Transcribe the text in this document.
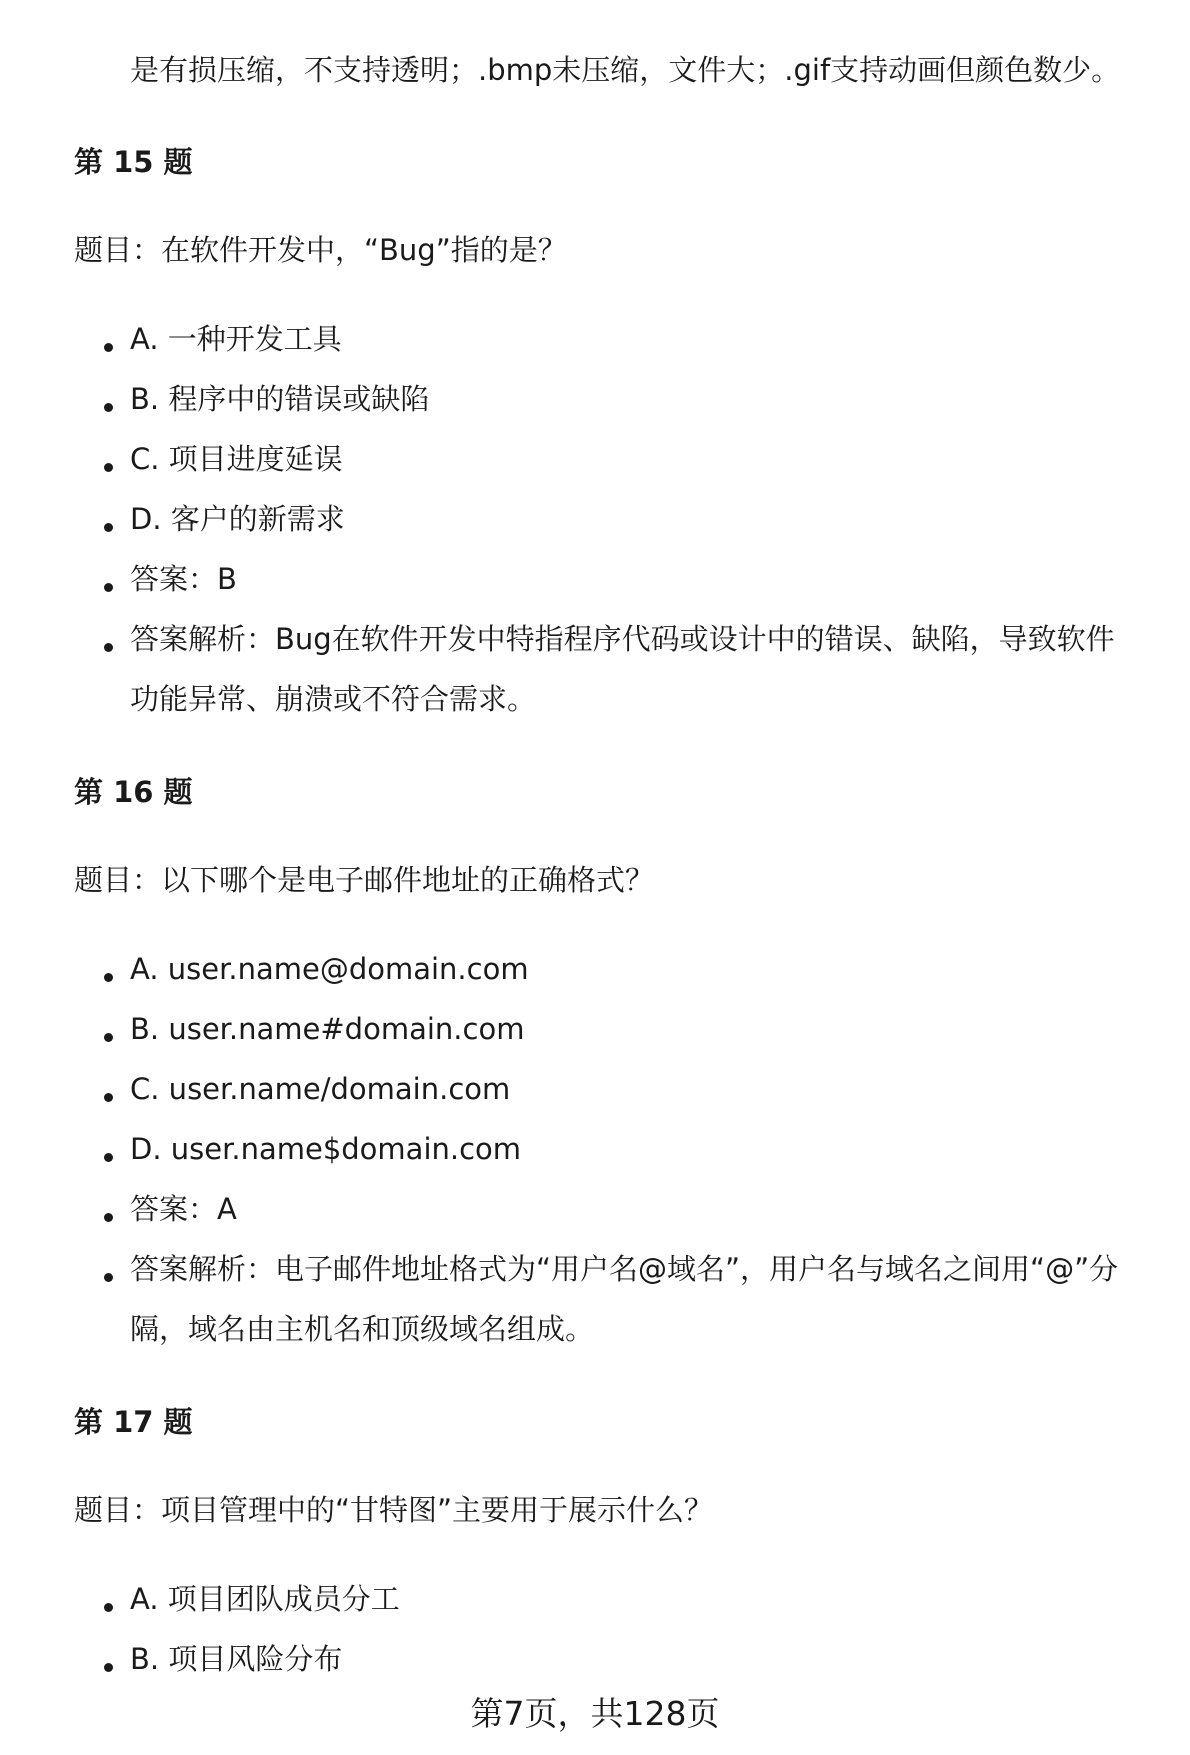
是有损压缩，不支持透明；.bmp未压缩，文件大；.gif支持动画但颜色数少。
第 15 题
题目：在软件开发中，“Bug”指的是？
A. 一种开发工具
B. 程序中的错误或缺陷
C. 项目进度延误
D. 客户的新需求
答案：B
答案解析：Bug在软件开发中特指程序代码或设计中的错误、缺陷，导致软件
功能异常、崩溃或不符合需求。
第 16 题
题目：以下哪个是电子邮件地址的正确格式？
A. user.name@domain.com
B. user.name#domain.com
C. user.name/domain.com
D. user.name$domain.com
答案：A
答案解析：电子邮件地址格式为“用户名@域名”，用户名与域名之间用“@”分
隔，域名由主机名和顶级域名组成。
第 17 题
题目：项目管理中的“甘特图”主要用于展示什么？
A. 项目团队成员分工
B. 项目风险分布
第7页，共128页
